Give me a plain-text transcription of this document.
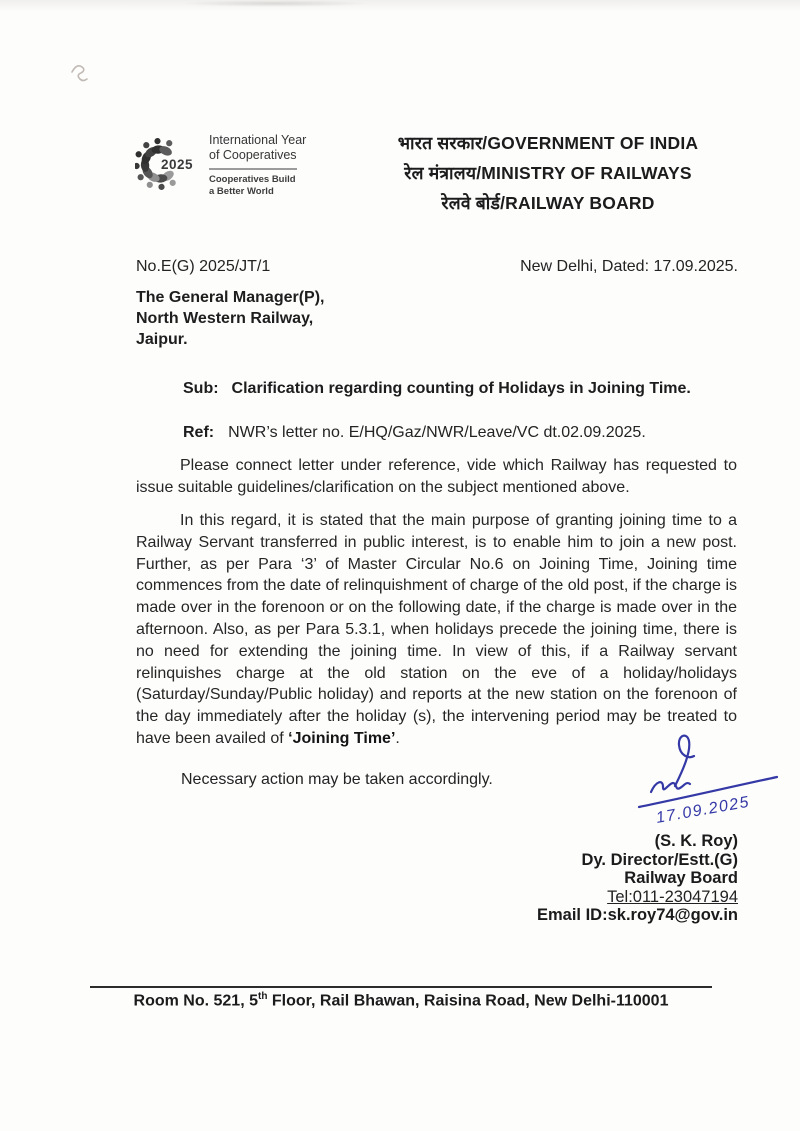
2025
International Year
of Cooperatives
Cooperatives Build
a Better World
भारत सरकार/GOVERNMENT OF INDIA
रेल मंत्रालय/MINISTRY OF RAILWAYS
रेलवे बोर्ड/RAILWAY BOARD
No.E(G) 2025/JT/1	New Delhi, Dated: 17.09.2025.
The General Manager(P),
North Western Railway,
Jaipur.
Sub: Clarification regarding counting of Holidays in Joining Time.
Ref: NWR’s letter no. E/HQ/Gaz/NWR/Leave/VC dt.02.09.2025.
Please connect letter under reference, vide which Railway has requested to issue suitable guidelines/clarification on the subject mentioned above.
In this regard, it is stated that the main purpose of granting joining time to a Railway Servant transferred in public interest, is to enable him to join a new post. Further, as per Para ‘3’ of Master Circular No.6 on Joining Time, Joining time commences from the date of relinquishment of charge of the old post, if the charge is made over in the forenoon or on the following date, if the charge is made over in the afternoon. Also, as per Para 5.3.1, when holidays precede the joining time, there is no need for extending the joining time. In view of this, if a Railway servant relinquishes charge at the old station on the eve of a holiday/holidays (Saturday/Sunday/Public holiday) and reports at the new station on the forenoon of the day immediately after the holiday (s), the intervening period may be treated to have been availed of ‘Joining Time’.
Necessary action may be taken accordingly.
17.09.2025
(S. K. Roy)
Dy. Director/Estt.(G)
Railway Board
Tel:011-23047194
Email ID:sk.roy74@gov.in
Room No. 521, 5th Floor, Rail Bhawan, Raisina Road, New Delhi-110001
